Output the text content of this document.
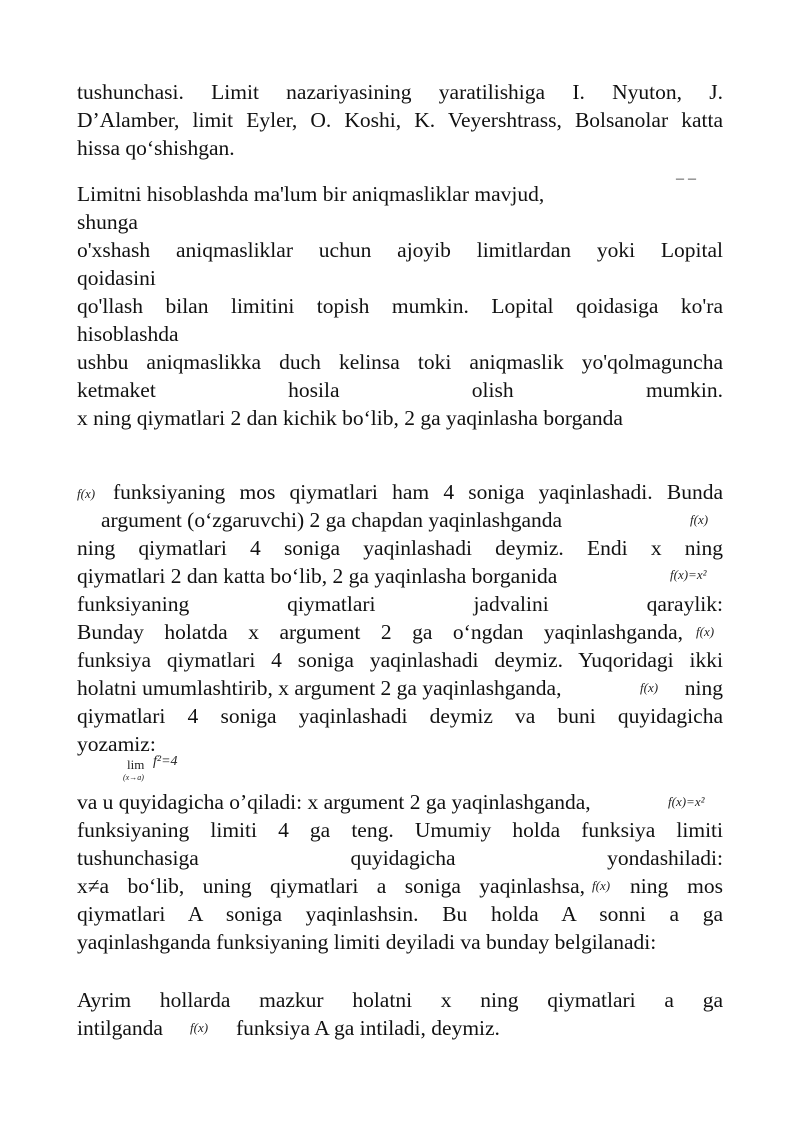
tushunchasi. Limit nazariyasining yaratilishiga I. Nyuton, J.
D’Alamber, limit Eyler, O. Koshi, K. Veyershtrass, Bolsanolar katta
hissa qo‘shishgan.
Limitni hisoblashda ma'lum bir aniqmasliklar mavjud,
– –
shunga
o'xshash aniqmasliklar uchun ajoyib limitlardan yoki Lopital
qoidasini
qo'llash bilan limitini topish mumkin. Lopital qoidasiga ko'ra
hisoblashda
ushbu aniqmaslikka duch kelinsa toki aniqmaslik yo'qolmaguncha
ketmaket hosila olish mumkin.
x ning qiymatlari 2 dan kichik bo‘lib, 2 ga yaqinlasha borganda
f(x) funksiyaning mos qiymatlari ham 4 soniga yaqinlashadi. Bunda
argument (o‘zgaruvchi) 2 ga chapdan yaqinlashganda	f(x)
ning qiymatlari 4 soniga yaqinlashadi deymiz. Endi x ning
qiymatlari 2 dan katta bo‘lib, 2 ga yaqinlasha borganida	f(x)=x²
funksiyaning qiymatlari jadvalini qaraylik:
Bunday holatda x argument 2 ga o‘ngdan yaqinlashganda, f(x)
funksiya qiymatlari 4 soniga yaqinlashadi deymiz. Yuqoridagi ikki
holatni umumlashtirib, x argument 2 ga yaqinlashganda,	f(x) ning
qiymatlari 4 soniga yaqinlashadi deymiz va buni quyidagicha
yozamiz:
lim f²=4
(x→a)
va u quyidagicha o’qiladi: x argument 2 ga yaqinlashganda,	f(x)=x²
funksiyaning limiti 4 ga teng. Umumiy holda funksiya limiti
tushunchasiga quyidagicha yondashiladi:
x≠a bo‘lib, uning qiymatlari a soniga yaqinlashsa, f(x) ning mos
qiymatlari A soniga yaqinlashsin. Bu holda A sonni a ga
yaqinlashganda funksiyaning limiti deyiladi va bunday belgilanadi:
Ayrim hollarda mazkur holatni x ning qiymatlari a ga
intilganda	f(x) funksiya A ga intiladi, deymiz.
